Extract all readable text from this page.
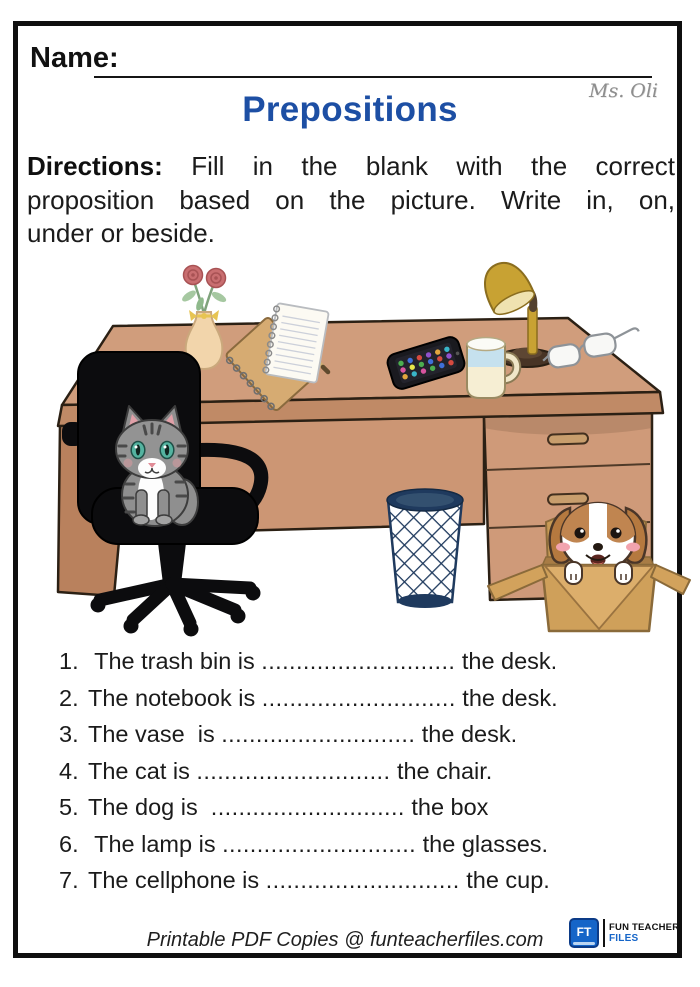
Name:
Ms. Oli
Prepositions
Directions: Fill in the blank with the correct
proposition based on the picture. Write in, on,
under or beside.
1. The trash bin is ............................ the desk.
2. The notebook is ............................ the desk.
3. The vase  is ............................ the desk.
4. The cat is ............................ the chair.
5. The dog is  ............................ the box
6. The lamp is ............................ the glasses.
7. The cellphone is ............................ the cup.
Printable PDF Copies @ funteacherfiles.com	FT	FUN TEACHER
FILES
